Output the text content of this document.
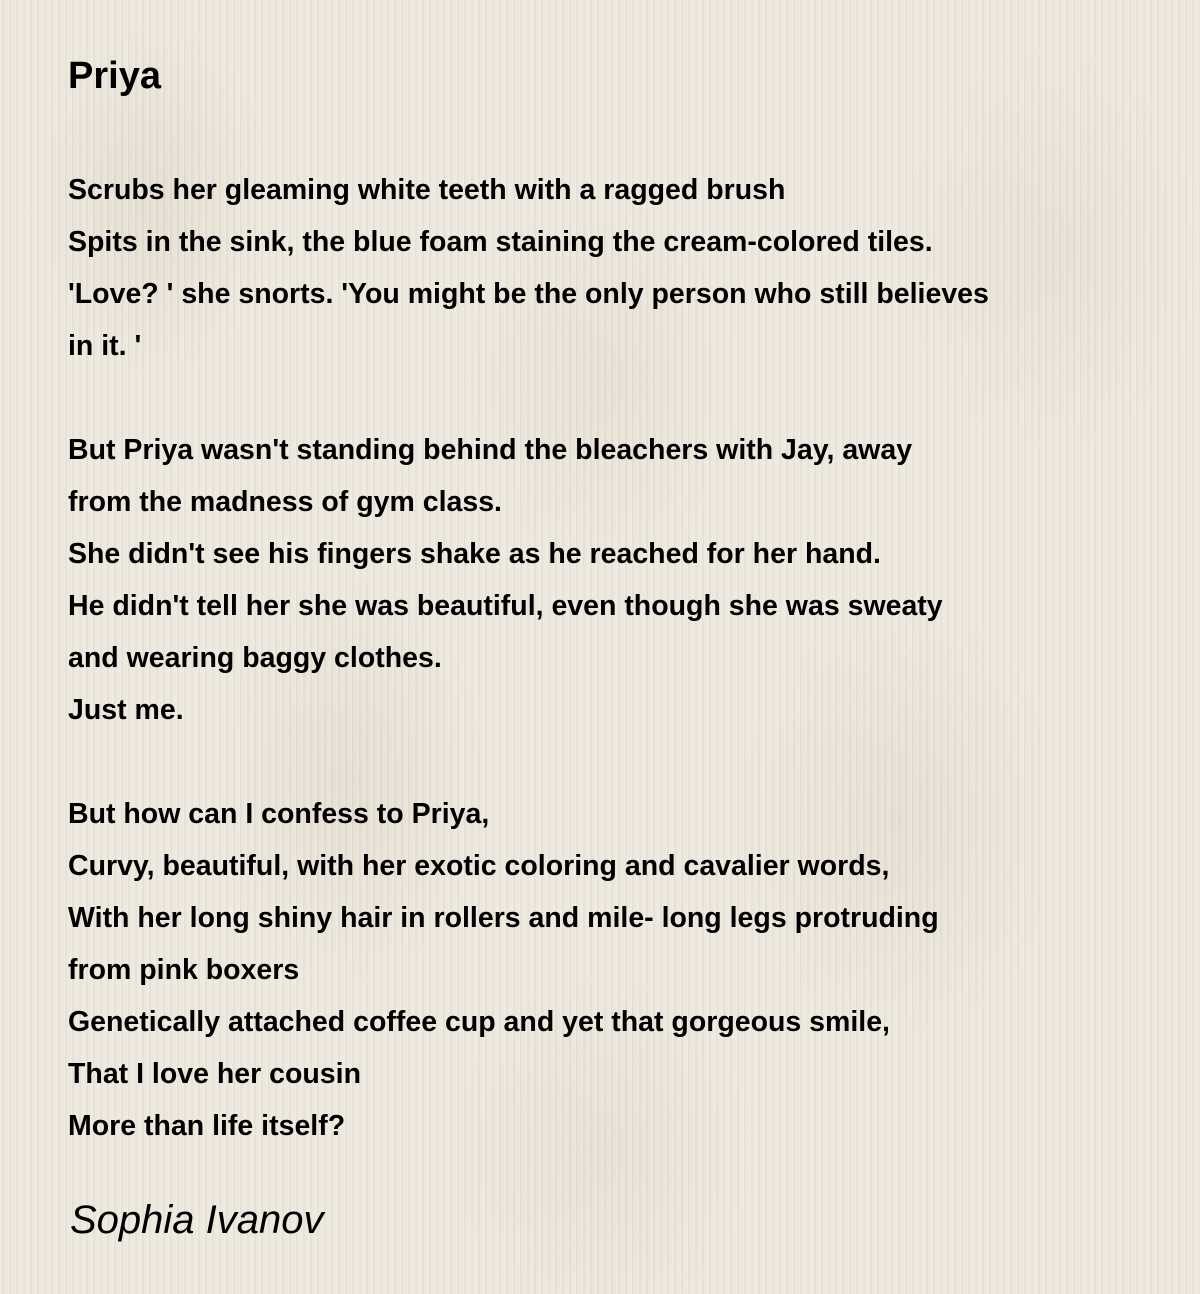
Priya
Scrubs her gleaming white teeth with a ragged brush
Spits in the sink, the blue foam staining the cream-colored tiles.
'Love? ' she snorts. 'You might be the only person who still believes
in it. '
But Priya wasn't standing behind the bleachers with Jay, away
from the madness of gym class.
She didn't see his fingers shake as he reached for her hand.
He didn't tell her she was beautiful, even though she was sweaty
and wearing baggy clothes.
Just me.
But how can I confess to Priya,
Curvy, beautiful, with her exotic coloring and cavalier words,
With her long shiny hair in rollers and mile- long legs protruding
from pink boxers
Genetically attached coffee cup and yet that gorgeous smile,
That I love her cousin
More than life itself?
Sophia Ivanov
